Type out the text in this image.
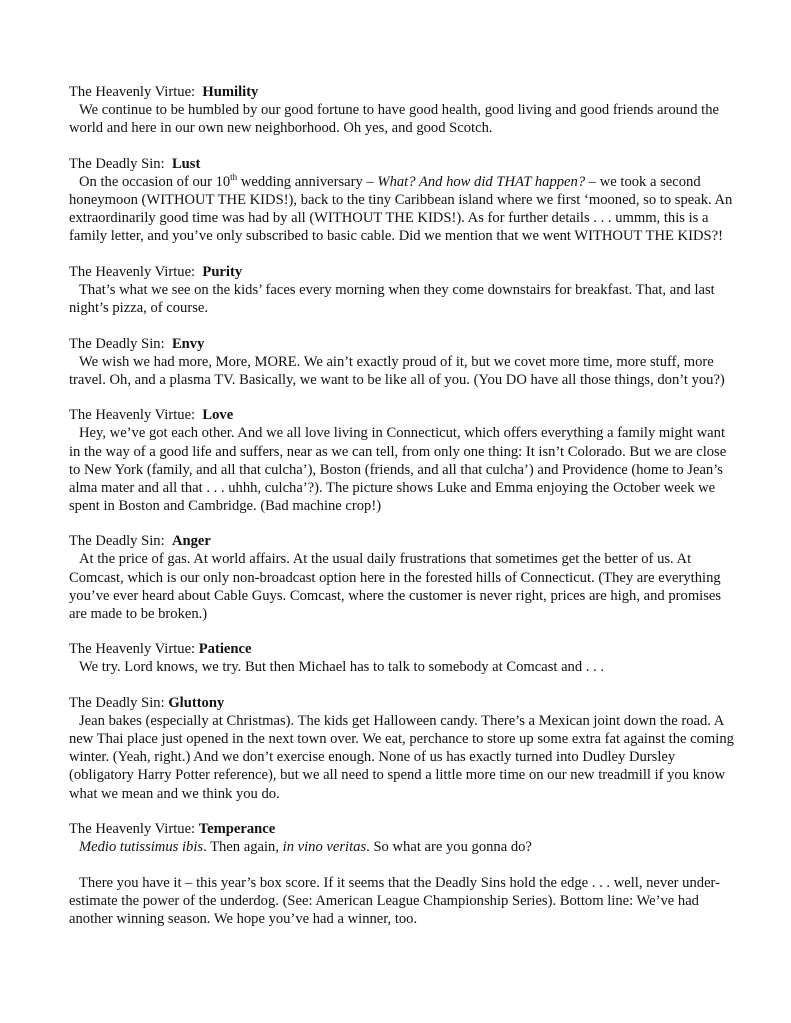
The Heavenly Virtue: Humility
We continue to be humbled by our good fortune to have good health, good living and good friends around the world and here in our own new neighborhood. Oh yes, and good Scotch.
The Deadly Sin: Lust
On the occasion of our 10th wedding anniversary – What? And how did THAT happen? – we took a second honeymoon (WITHOUT THE KIDS!), back to the tiny Caribbean island where we first ‘mooned, so to speak. An extraordinarily good time was had by all (WITHOUT THE KIDS!). As for further details . . . ummm, this is a family letter, and you’ve only subscribed to basic cable. Did we mention that we went WITHOUT THE KIDS?!
The Heavenly Virtue: Purity
That’s what we see on the kids’ faces every morning when they come downstairs for breakfast. That, and last night’s pizza, of course.
The Deadly Sin: Envy
We wish we had more, More, MORE. We ain’t exactly proud of it, but we covet more time, more stuff, more travel. Oh, and a plasma TV. Basically, we want to be like all of you. (You DO have all those things, don’t you?)
The Heavenly Virtue: Love
Hey, we’ve got each other. And we all love living in Connecticut, which offers everything a family might want in the way of a good life and suffers, near as we can tell, from only one thing: It isn’t Colorado. But we are close to New York (family, and all that culcha’), Boston (friends, and all that culcha’) and Providence (home to Jean’s alma mater and all that . . . uhhh, culcha’?). The picture shows Luke and Emma enjoying the October week we spent in Boston and Cambridge. (Bad machine crop!)
The Deadly Sin: Anger
At the price of gas. At world affairs. At the usual daily frustrations that sometimes get the better of us. At Comcast, which is our only non-broadcast option here in the forested hills of Connecticut. (They are everything you’ve ever heard about Cable Guys. Comcast, where the customer is never right, prices are high, and promises are made to be broken.)
The Heavenly Virtue: Patience
We try. Lord knows, we try. But then Michael has to talk to somebody at Comcast and . . .
The Deadly Sin: Gluttony
Jean bakes (especially at Christmas). The kids get Halloween candy. There’s a Mexican joint down the road. A new Thai place just opened in the next town over. We eat, perchance to store up some extra fat against the coming winter. (Yeah, right.) And we don’t exercise enough. None of us has exactly turned into Dudley Dursley (obligatory Harry Potter reference), but we all need to spend a little more time on our new treadmill if you know what we mean and we think you do.
The Heavenly Virtue: Temperance
Medio tutissimus ibis. Then again, in vino veritas. So what are you gonna do?
There you have it – this year’s box score. If it seems that the Deadly Sins hold the edge . . . well, never under-estimate the power of the underdog. (See: American League Championship Series). Bottom line: We’ve had another winning season. We hope you’ve had a winner, too.
